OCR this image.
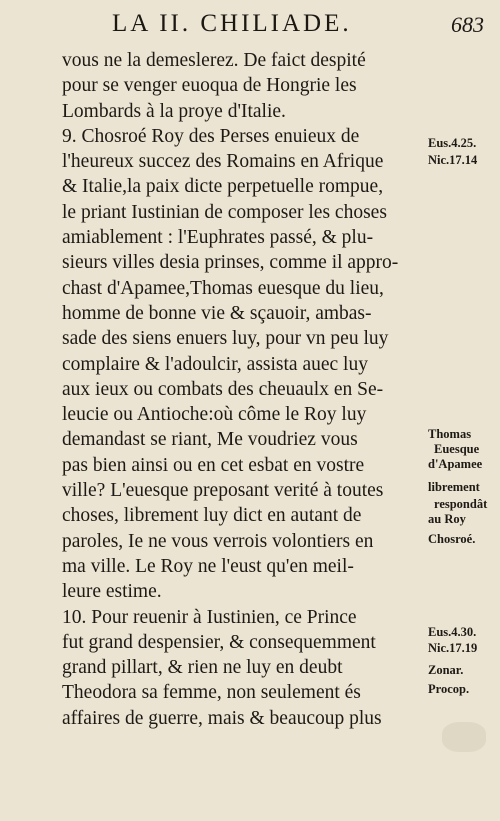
LA II. CHILIADE.	683
vous ne la demeslerez. De faict despité
pour se venger euoqua de Hongrie les
Lombards à la proye d'Italie.
9. Chosroé Roy des Perses enuieux de
l'heureux succez des Romains en Afrique
& Italie,la paix dicte perpetuelle rompue,
le priant Iustinian de composer les choses
amiablement : l'Euphrates passé, & plu-
sieurs villes desia prinses, comme il appro-
chast d'Apamee,Thomas euesque du lieu,
homme de bonne vie & sçauoir, ambas-
sade des siens enuers luy, pour vn peu luy
complaire & l'adoulcir, assista auec luy
aux ieux ou combats des cheuaulx en Se-
leucie ou Antioche:où côme le Roy luy
demandast se riant, Me voudriez vous
pas bien ainsi ou en cet esbat en vostre
ville? L'euesque preposant verité à toutes
choses, librement luy dict en autant de
paroles, Ie ne vous verrois volontiers en
ma ville. Le Roy ne l'eust qu'en meil-
leure estime.
10. Pour reuenir à Iustinien, ce Prince
fut grand despensier, & consequemment
grand pillart, & rien ne luy en deubt
Theodora sa femme, non seulement és
affaires de guerre, mais & beaucoup plus
Eus.4.25.
Nic.17.14
Thomas
Euesque
d'Apamee
librement
respondât
au Roy
Chosroé.
Eus.4.30.
Nic.17.19
Zonar.
Procop.
